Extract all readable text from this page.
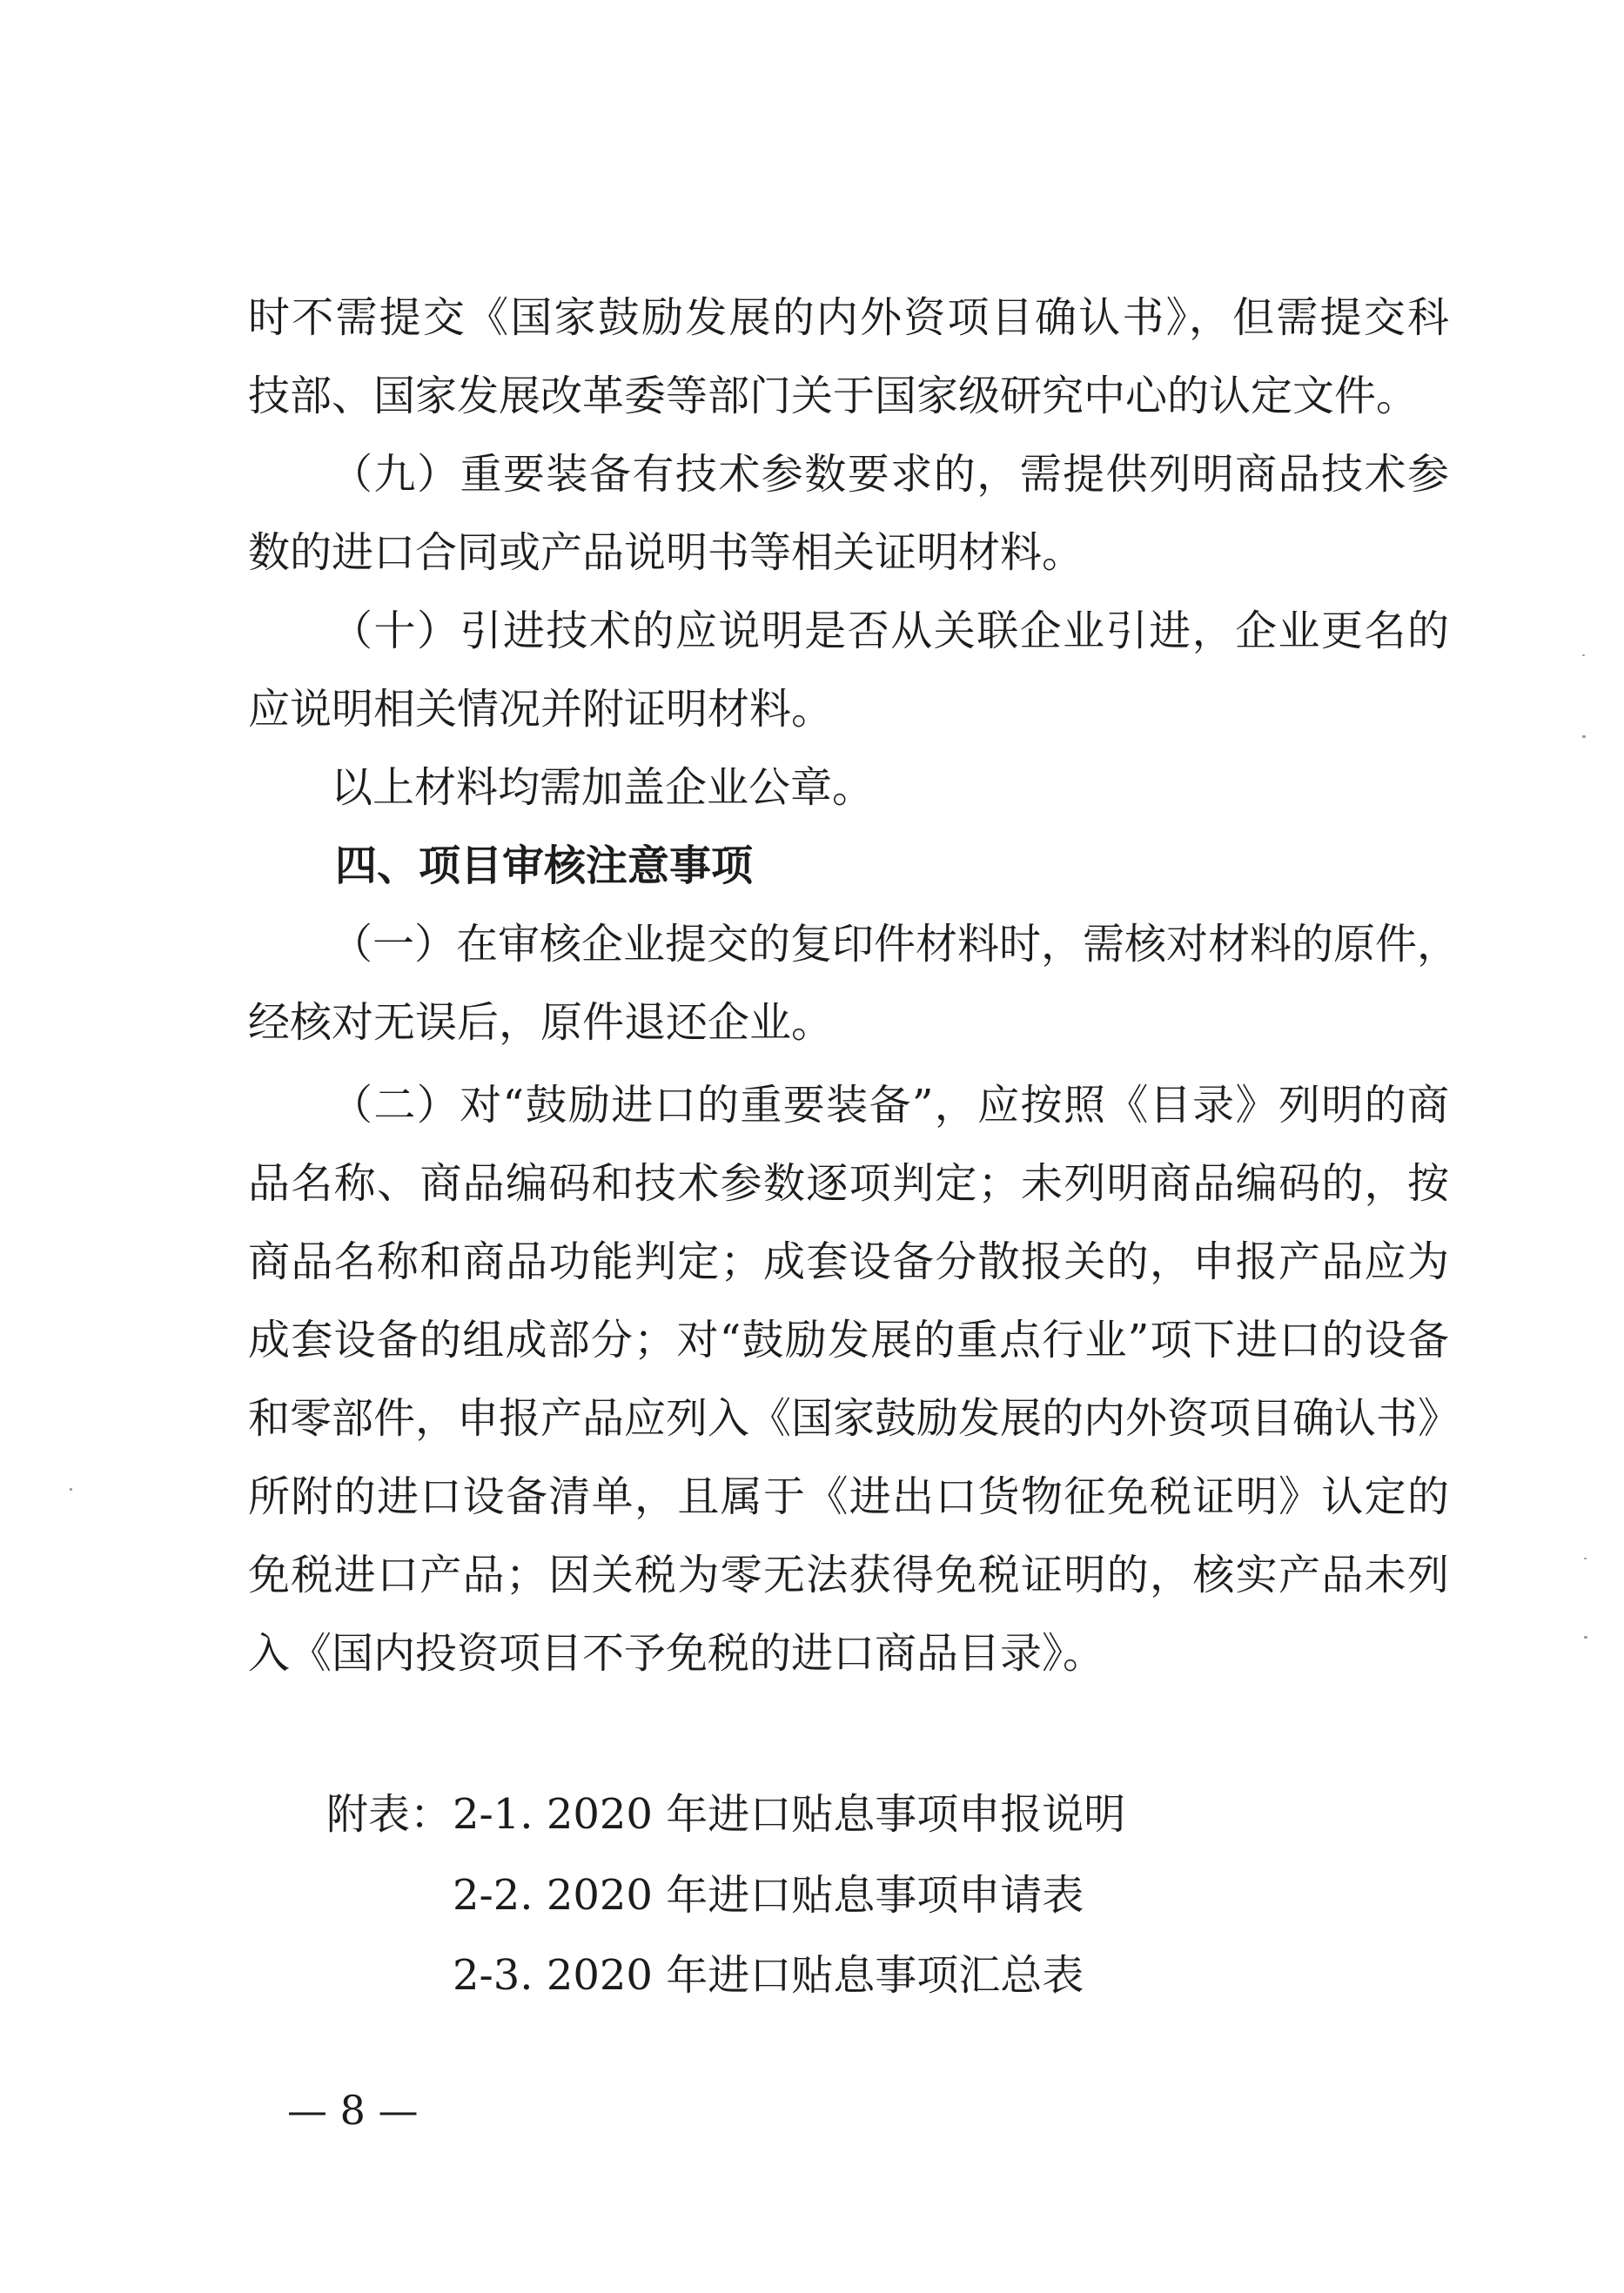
时不需提交《国家鼓励发展的内外资项目确认书》，但需提交科
技部、国家发展改革委等部门关于国家级研究中心的认定文件。
（九）重要装备有技术参数要求的，需提供列明商品技术参
数的进口合同或产品说明书等相关证明材料。
（十）引进技术的应说明是否从关联企业引进，企业更名的
应说明相关情况并附证明材料。
以上材料均需加盖企业公章。
四、项目审核注意事项
（一）在审核企业提交的复印件材料时，需核对材料的原件，
经核对无误后，原件退还企业。
（二）对“鼓励进口的重要装备”，应按照《目录》列明的商
品名称、商品编码和技术参数逐项判定；未列明商品编码的，按
商品名称和商品功能判定；成套设备分散报关的，申报产品应为
成套设备的组成部分；对“鼓励发展的重点行业”项下进口的设备
和零部件，申报产品应列入《国家鼓励发展的内外资项目确认书》
所附的进口设备清单，且属于《进出口货物征免税证明》认定的
免税进口产品；因关税为零无法获得免税证明的，核实产品未列
入《国内投资项目不予免税的进口商品目录》。
附表： 2-1. 2020 年进口贴息事项申报说明
2-2. 2020 年进口贴息事项申请表
2-3. 2020 年进口贴息事项汇总表
— 8 —
